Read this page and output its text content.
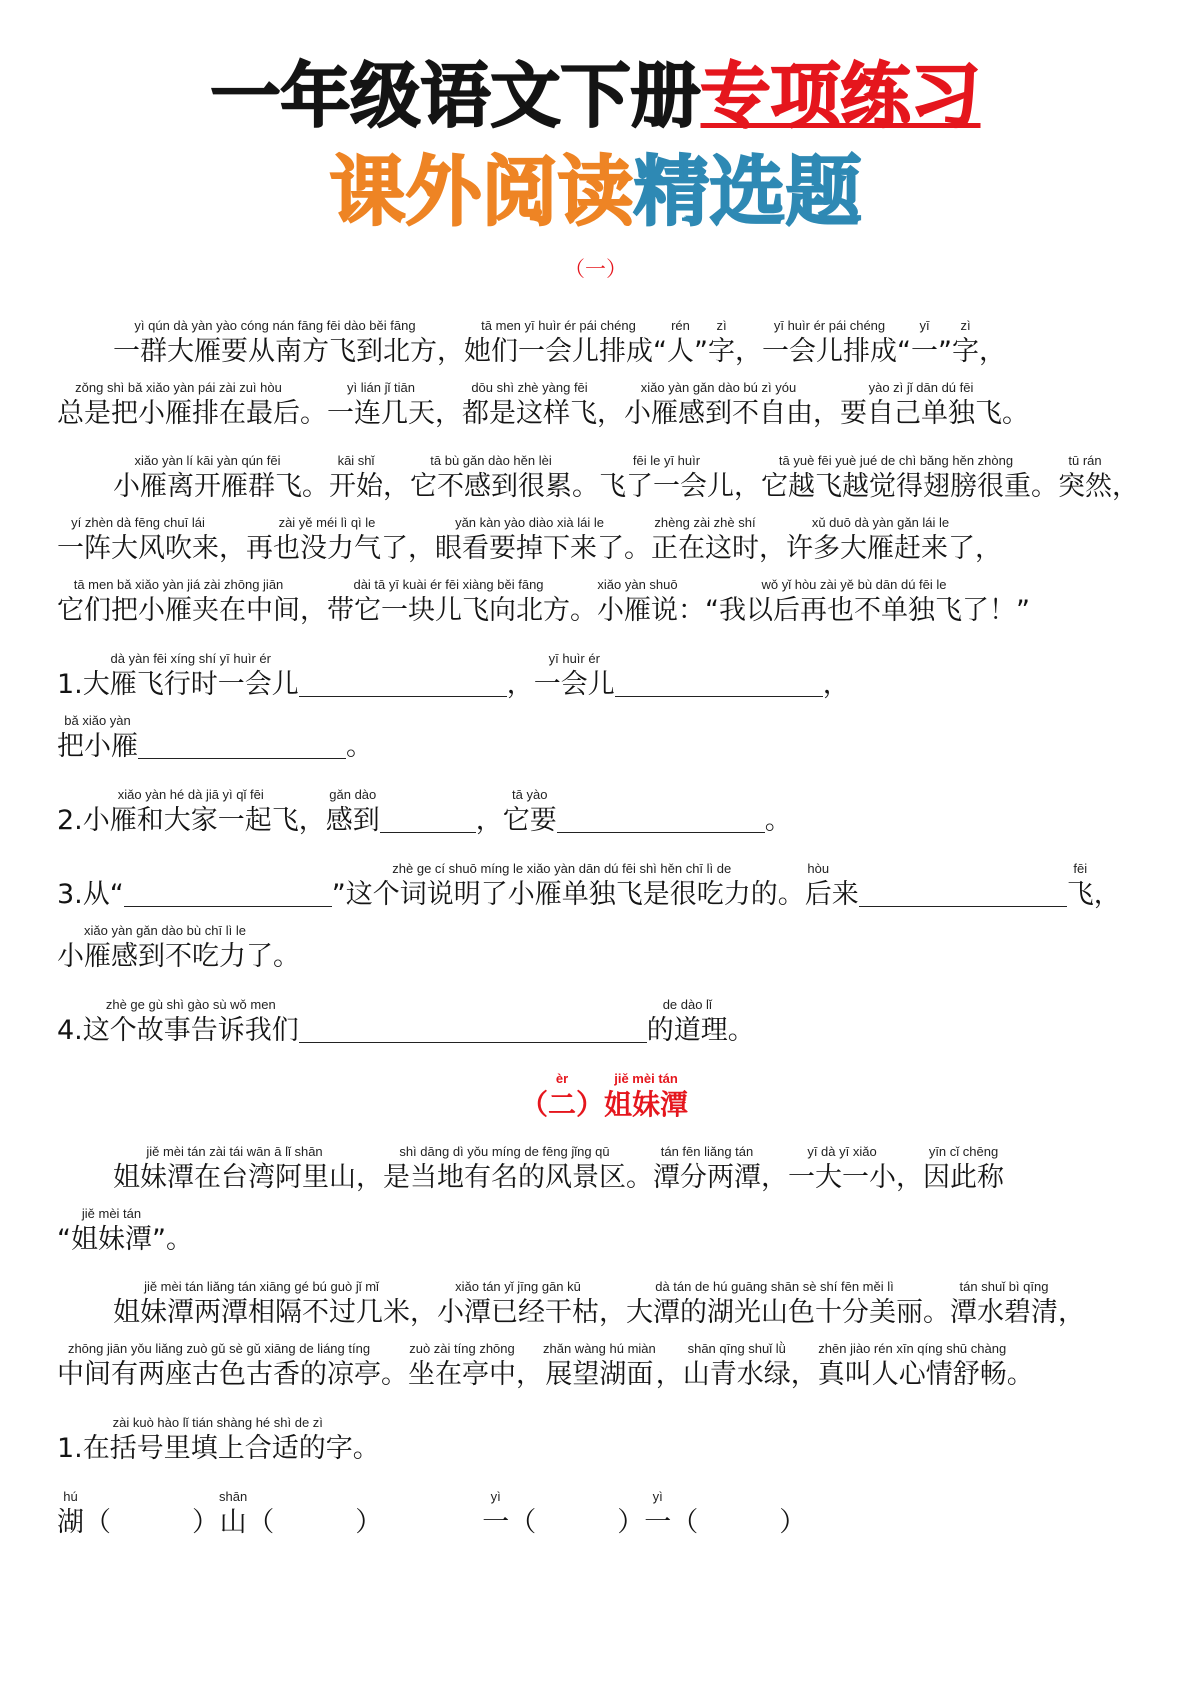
一年级语文下册专项练习
课外阅读精选题
（一）
yì qún dà yàn yào cóng nán fāng fēi dào běi fāng
一群大雁要从南方飞到北方 ，
tā men yī huìr ér pái chéng
她们一会儿排成 “
rén
人 ”
zì
字 ，
yī huìr ér pái chéng
一会儿排成 “
yī
一 ”
zì
字 ，
zǒng shì bǎ xiǎo yàn pái zài zuì hòu
总是把小雁排在最后 。
yì lián jǐ tiān
一连几天 ，
dōu shì zhè yàng fēi
都是这样飞 ，
xiǎo yàn gǎn dào bú zì yóu
小雁感到不自由 ，
yào zì jǐ dān dú fēi
要自己单独飞 。
xiǎo yàn lí kāi yàn qún fēi
小雁离开雁群飞 。
kāi shǐ
开始 ，
tā bù gǎn dào hěn lèi
它不感到很累 。
fēi le yī huìr
飞了一会儿 ，
tā yuè fēi yuè jué de chì bǎng hěn zhòng
它越飞越觉得翅膀很重 。
tū rán
突然 ，
yí zhèn dà fēng chuī lái
一阵大风吹来 ，
zài yě méi lì qì le
再也没力气了 ，
yǎn kàn yào diào xià lái le
眼看要掉下来了 。
zhèng zài zhè shí
正在这时 ，
xǔ duō dà yàn gǎn lái le
许多大雁赶来了 ，
tā men bǎ xiǎo yàn jiá zài zhōng jiān
它们把小雁夹在中间 ，
dài tā yī kuài ér fēi xiàng běi fāng
带它一块儿飞向北方 。
xiǎo yàn shuō
小雁说 ： “
wǒ yǐ hòu zài yě bù dān dú fēi le
我以后再也不单独飞了 ！ ”
1.
dà yàn fēi xíng shí yī huìr ér
大雁飞行时一会儿	，
yī huìr ér
一会儿	，
bǎ xiǎo yàn
把小雁	。
2.
xiǎo yàn hé dà jiā yì qǐ fēi
小雁和大家一起飞 ，
gǎn dào
感到	，
tā yào
它要	。
3.从 “	”
zhè ge cí shuō míng le xiǎo yàn dān dú fēi shì hěn chī lì de
这个词说明了小雁单独飞是很吃力的 。
hòu
后 来
fēi
飞 ，
xiǎo yàn gǎn dào bù chī lì le
小雁感到不吃力了 。
4.
zhè ge gù shì gào sù wǒ men
这个故事告诉我们
de dào lǐ
的道理 。
（
èr
二 ）
jiě mèi tán
姐妹潭
jiě mèi tán zài tái wān ā lǐ shān
姐妹潭在台湾阿里山 ，
shì dāng dì yǒu míng de fēng jǐng qū
是当地有名的风景区 。
tán fēn liǎng tán
潭分两潭 ，
yī dà yī xiǎo
一大一小 ，
yīn cǐ chēng
因此称
“
jiě mèi tán
姐妹潭 ” 。
jiě mèi tán liǎng tán xiāng gé bú guò jǐ mǐ
姐妹潭两潭相隔不过几米 ，
xiǎo tán yǐ jīng gān kū
小潭已经干枯 ，
dà tán de hú guāng shān sè shí fēn měi lì
大潭的湖光山色十分美丽 。
tán shuǐ bì qīng
潭水碧清 ，
zhōng jiān yǒu liǎng zuò gǔ sè gǔ xiāng de liáng tíng
中间有两座古色古香的凉亭 。
zuò zài tíng zhōng
坐在亭中 ，
zhǎn wàng hú miàn
展望湖面 ，
shān qīng shuǐ lǜ
山青水绿 ，
zhēn jiào rén xīn qíng shū chàng
真叫人心情舒畅 。
1.
zài kuò hào lǐ tián shàng hé shì de zì
在括号里填上合适的字 。
hú
湖 （　　　）
shān
山 （　　　）
yì
一 （　　　）
yì
一 （　　　）
